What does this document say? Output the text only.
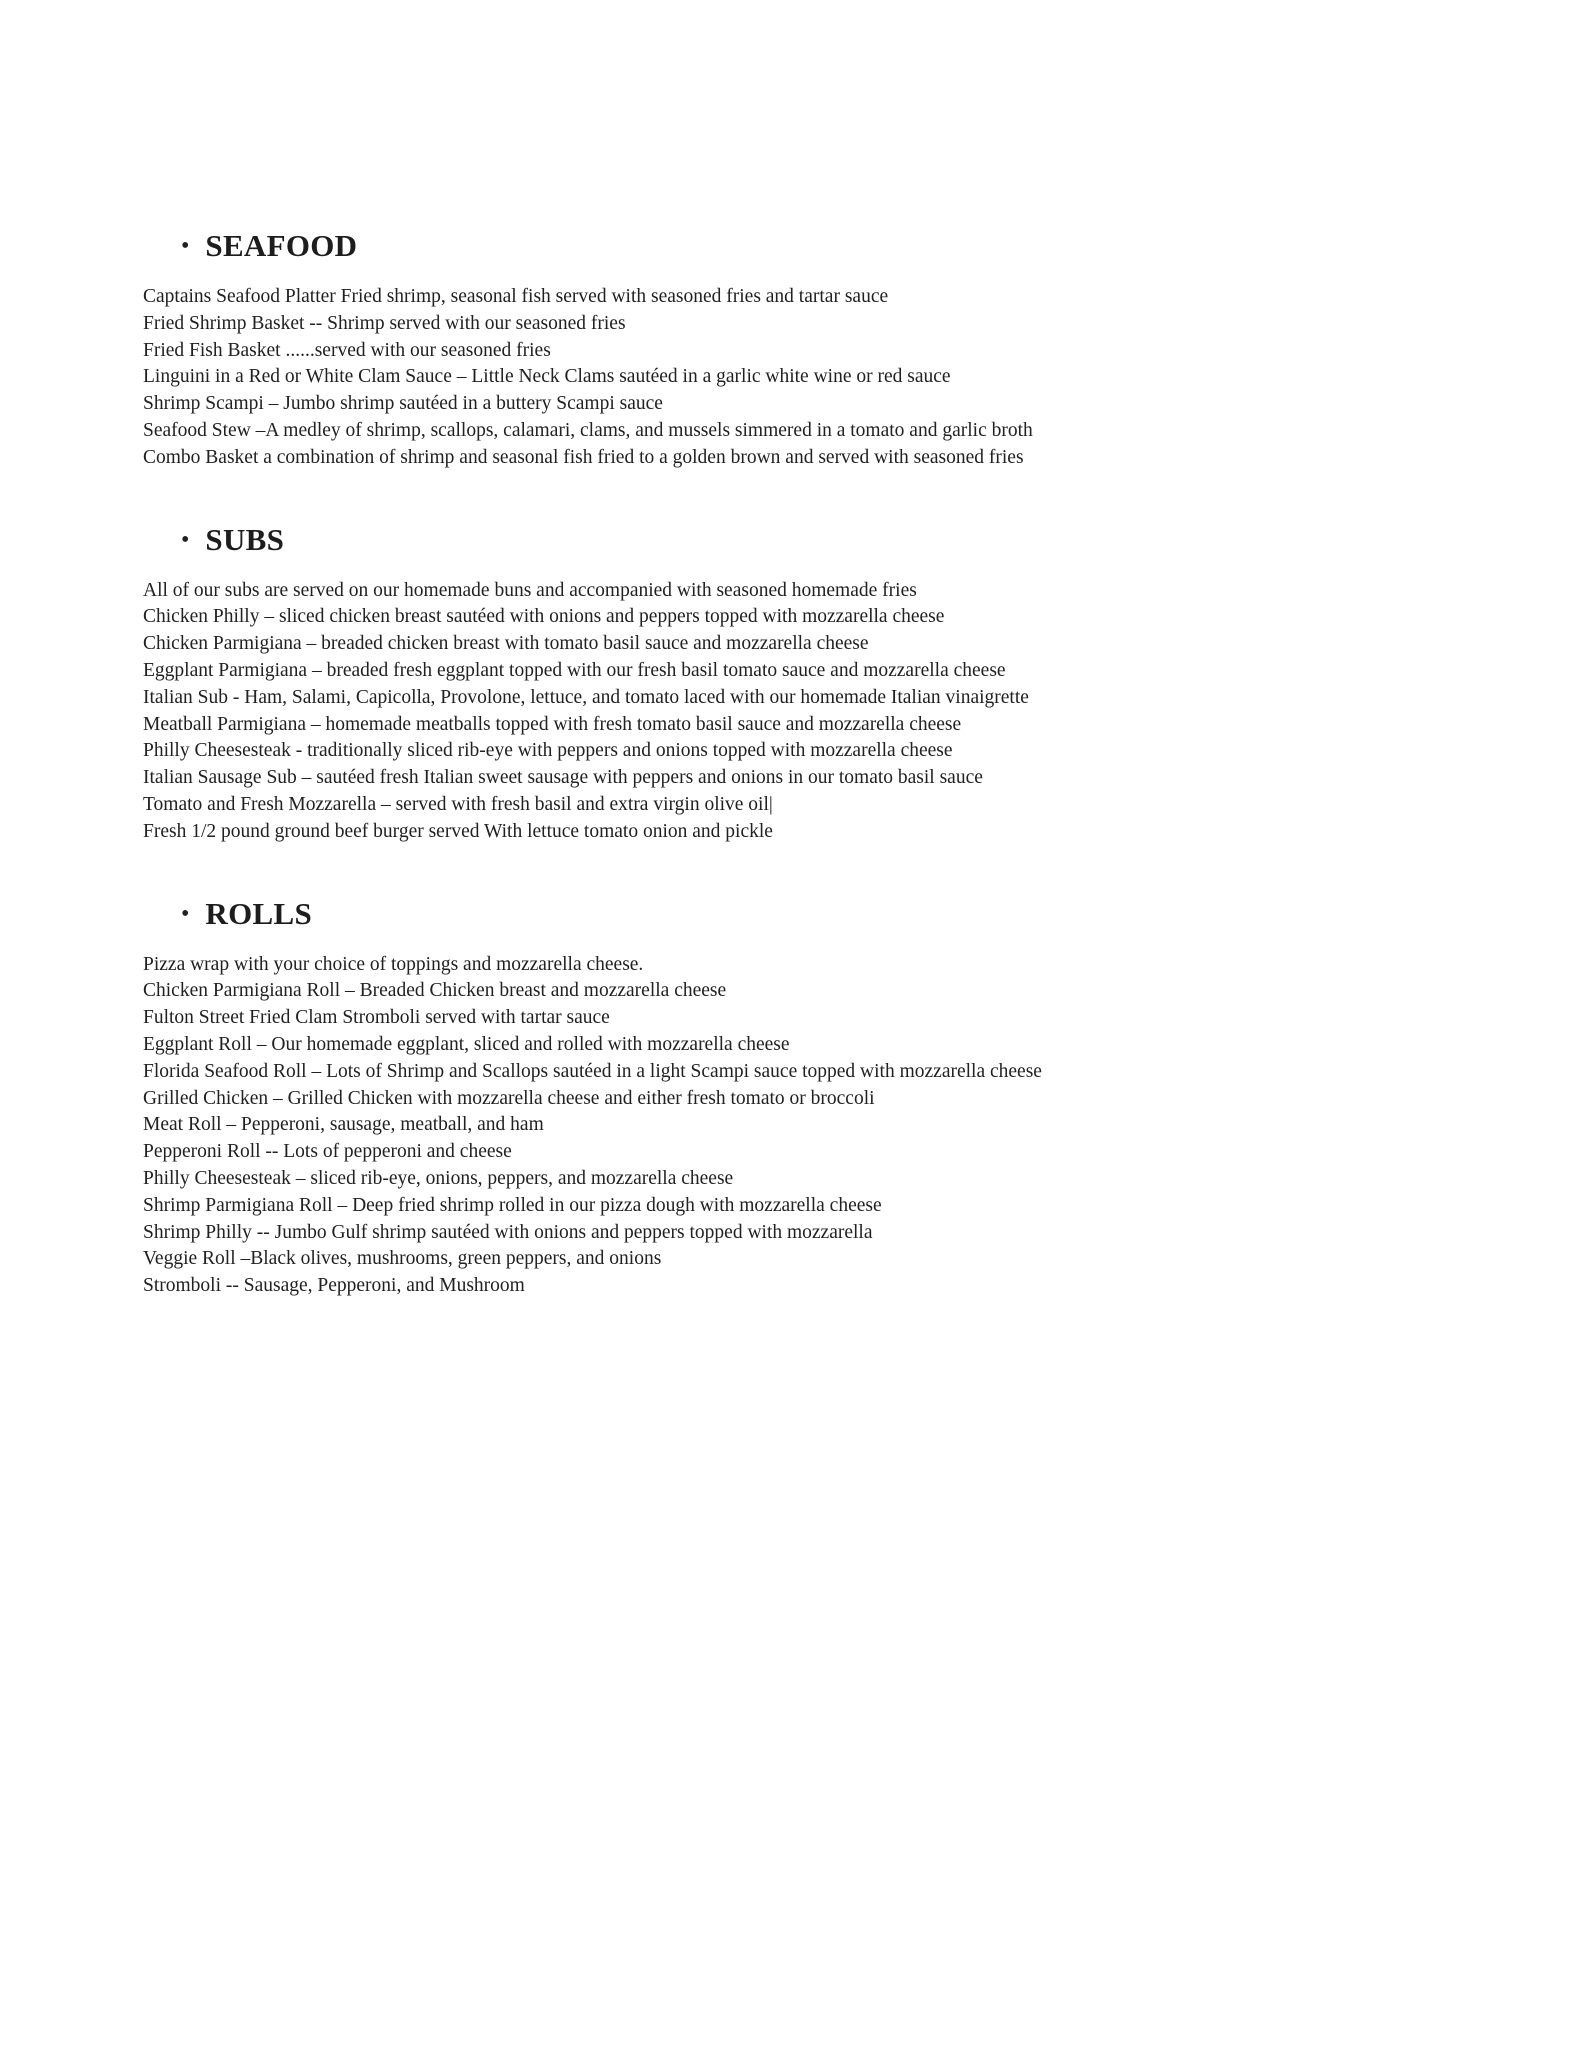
• SEAFOOD

Captains Seafood Platter Fried shrimp, seasonal fish served with seasoned fries and tartar sauce

Fried Shrimp Basket -- Shrimp served with our seasoned fries

Fried Fish Basket ......served with our seasoned fries

Linguini in a Red or White Clam Sauce – Little Neck Clams sautéed in a garlic white wine or red sauce

Shrimp Scampi – Jumbo shrimp sautéed in a buttery Scampi sauce

Seafood Stew –A medley of shrimp, scallops, calamari, clams, and mussels simmered in a tomato and garlic broth

Combo Basket a combination of shrimp and seasonal fish fried to a golden brown and served with seasoned fries

• SUBS

All of our subs are served on our homemade buns and accompanied with seasoned homemade fries

Chicken Philly – sliced chicken breast sautéed with onions and peppers topped with mozzarella cheese

Chicken Parmigiana – breaded chicken breast with tomato basil sauce and mozzarella cheese

Eggplant Parmigiana – breaded fresh eggplant topped with our fresh basil tomato sauce and mozzarella cheese

Italian Sub - Ham, Salami, Capicolla, Provolone, lettuce, and tomato laced with our homemade Italian vinaigrette

Meatball Parmigiana – homemade meatballs topped with fresh tomato basil sauce and mozzarella cheese

Philly Cheesesteak - traditionally sliced rib-eye with peppers and onions topped with mozzarella cheese

Italian Sausage Sub – sautéed fresh Italian sweet sausage with peppers and onions in our tomato basil sauce

Tomato and Fresh Mozzarella – served with fresh basil and extra virgin olive oil|

Fresh 1/2 pound ground beef burger served With lettuce tomato onion and pickle

• ROLLS

Pizza wrap with your choice of toppings and mozzarella cheese.

Chicken Parmigiana Roll – Breaded Chicken breast and mozzarella cheese

Fulton Street Fried Clam Stromboli served with tartar sauce

Eggplant Roll – Our homemade eggplant, sliced and rolled with mozzarella cheese

Florida Seafood Roll – Lots of Shrimp and Scallops sautéed in a light Scampi sauce topped with mozzarella cheese

Grilled Chicken – Grilled Chicken with mozzarella cheese and either fresh tomato or broccoli

Meat Roll – Pepperoni, sausage, meatball, and ham

Pepperoni Roll -- Lots of pepperoni and cheese

Philly Cheesesteak – sliced rib-eye, onions, peppers, and mozzarella cheese

Shrimp Parmigiana Roll – Deep fried shrimp rolled in our pizza dough with mozzarella cheese

Shrimp Philly -- Jumbo Gulf shrimp sautéed with onions and peppers topped with mozzarella

Veggie Roll –Black olives, mushrooms, green peppers, and onions

Stromboli -- Sausage, Pepperoni, and Mushroom
